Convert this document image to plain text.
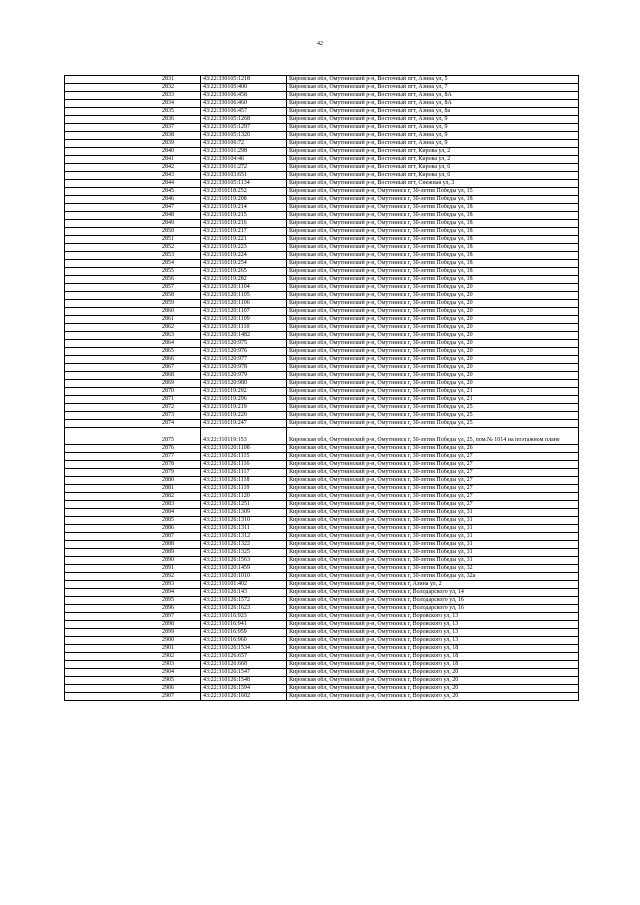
42
2831	43:22:330105:1218	Кировская обл, Омутнинский р-н, Восточный пгт, Азина ул, 5
2832	43:22:330105:400	Кировская обл, Омутнинский р-н, Восточный пгт, Азина ул, 7
2833	43:22:330106:458	Кировская обл, Омутнинский р-н, Восточный пгт, Азина ул, 8А
2834	43:22:330106:460	Кировская обл, Омутнинский р-н, Восточный пгт, Азина ул, 8А
2835	43:22:330106:457	Кировская обл, Омутнинский р-н, Восточный пгт, Азина ул, 8а
2836	43:22:330105:1268	Кировская обл, Омутнинский р-н, Восточный пгт, Азина ул, 9
2837	43:22:330105:1297	Кировская обл, Омутнинский р-н, Восточный пгт, Азина ул, 9
2838	43:22:330105:1320	Кировская обл, Омутнинский р-н, Восточный пгт, Азина ул, 9
2839	43:22:330106:72	Кировская обл, Омутнинский р-н, Восточный пгт, Азина ул, 9
2840	43:22:330101:298	Кировская обл, Омутнинский р-н, Восточный пгт, Кирова ул, 2
2841	43:22:330104:46	Кировская обл, Омутнинский р-н, Восточный пгт, Кирова ул, 2
2842	43:22:330101:272	Кировская обл, Омутнинский р-н, Восточный пгт, Кирова ул, 6
2843	43:22:330103:651	Кировская обл, Омутнинский р-н, Восточный пгт, Кирова ул, 6
2844	43:22:330105:1134	Кировская обл, Омутнинский р-н, Восточный пгт, Снежная ул, 3
2845	43:22:010118:252	Кировская обл, Омутнинский р-н, Омутнинск г, 30-летия Победы ул, 15
2846	43:22:310119:208	Кировская обл, Омутнинский р-н, Омутнинск г, 30-летия Победы ул, 18
2847	43:22:310119:214	Кировская обл, Омутнинский р-н, Омутнинск г, 30-летия Победы ул, 18
2848	43:22:310119:215	Кировская обл, Омутнинский р-н, Омутнинск г, 30-летия Победы ул, 18
2849	43:22:310119:216	Кировская обл, Омутнинский р-н, Омутнинск г, 30-летия Победы ул, 18
2850	43:22:310119:217	Кировская обл, Омутнинский р-н, Омутнинск г, 30-летия Победы ул, 18
2851	43:22:310119:221	Кировская обл, Омутнинский р-н, Омутнинск г, 30-летия Победы ул, 18
2852	43:22:310119:223	Кировская обл, Омутнинский р-н, Омутнинск г, 30-летия Победы ул, 18
2853	43:22:310119:224	Кировская обл, Омутнинский р-н, Омутнинск г, 30-летия Победы ул, 18
2854	43:22:310119:254	Кировская обл, Омутнинский р-н, Омутнинск г, 30-летия Победы ул, 18
2855	43:22:310119:265	Кировская обл, Омутнинский р-н, Омутнинск г, 30-летия Победы ул, 18
2856	43:22:310119:282	Кировская обл, Омутнинский р-н, Омутнинск г, 30-летия Победы ул, 18
2857	43:22:310120:1104	Кировская обл, Омутнинский р-н, Омутнинск г, 30-летия Победы ул, 20
2858	43:22:310120:1105	Кировская обл, Омутнинский р-н, Омутнинск г, 30-летия Победы ул, 20
2859	43:22:310120:1106	Кировская обл, Омутнинский р-н, Омутнинск г, 30-летия Победы ул, 20
2860	43:22:310120:1107	Кировская обл, Омутнинский р-н, Омутнинск г, 30-летия Победы ул, 20
2861	43:22:310120:1109	Кировская обл, Омутнинский р-н, Омутнинск г, 30-летия Победы ул, 20
2862	43:22:310120:1110	Кировская обл, Омутнинский р-н, Омутнинск г, 30-летия Победы ул, 20
2863	43:22:310120:1482	Кировская обл, Омутнинский р-н, Омутнинск г, 30-летия Победы ул, 20
2864	43:22:310120:975	Кировская обл, Омутнинский р-н, Омутнинск г, 30-летия Победы ул, 20
2865	43:22:310120:976	Кировская обл, Омутнинский р-н, Омутнинск г, 30-летия Победы ул, 20
2866	43:22:310120:977	Кировская обл, Омутнинский р-н, Омутнинск г, 30-летия Победы ул, 20
2867	43:22:310120:978	Кировская обл, Омутнинский р-н, Омутнинск г, 30-летия Победы ул, 20
2868	43:22:310120:979	Кировская обл, Омутнинский р-н, Омутнинск г, 30-летия Победы ул, 20
2869	43:22:310120:980	Кировская обл, Омутнинский р-н, Омутнинск г, 30-летия Победы ул, 20
2870	43:22:310119:292	Кировская обл, Омутнинский р-н, Омутнинск г, 30-летия Победы ул, 21
2871	43:22:310119:296	Кировская обл, Омутнинский р-н, Омутнинск г, 30-летия Победы ул, 21
2872	43:22:310119:219	Кировская обл, Омутнинский р-н, Омутнинск г, 30-летия Победы ул, 25
2873	43:22:310119:220	Кировская обл, Омутнинский р-н, Омутнинск г, 30-летия Победы ул, 25
2874	43:22:310119:247	Кировская обл, Омутнинский р-н, Омутнинск г, 30-летия Победы ул, 25
2875	43:22:310119:153	Кировская обл, Омутнинский р-н, Омутнинск г, 30-летия Победы ул, 25, пом.№ 1014 на поэтажном плане
2876	43:22:310120:1108	Кировская обл, Омутнинский р-н, Омутнинск г, 30-летия Победы ул, 26
2877	43:22:310126:1115	Кировская обл, Омутнинский р-н, Омутнинск г, 30-летия Победы ул, 27
2878	43:22:310126:1116	Кировская обл, Омутнинский р-н, Омутнинск г, 30-летия Победы ул, 27
2879	43:22:310126:1117	Кировская обл, Омутнинский р-н, Омутнинск г, 30-летия Победы ул, 27
2880	43:22:310126:1118	Кировская обл, Омутнинский р-н, Омутнинск г, 30-летия Победы ул, 27
2881	43:22:310126:1119	Кировская обл, Омутнинский р-н, Омутнинск г, 30-летия Победы ул, 27
2882	43:22:310126:1120	Кировская обл, Омутнинский р-н, Омутнинск г, 30-летия Победы ул, 27
2883	43:22:310126:1251	Кировская обл, Омутнинский р-н, Омутнинск г, 30-летия Победы ул, 27
2884	43:22:310126:1309	Кировская обл, Омутнинский р-н, Омутнинск г, 30-летия Победы ул, 31
2885	43:22:310126:1310	Кировская обл, Омутнинский р-н, Омутнинск г, 30-летия Победы ул, 31
2886	43:22:310126:1311	Кировская обл, Омутнинский р-н, Омутнинск г, 30-летия Победы ул, 31
2887	43:22:310126:1312	Кировская обл, Омутнинский р-н, Омутнинск г, 30-летия Победы ул, 31
2888	43:22:310126:1322	Кировская обл, Омутнинский р-н, Омутнинск г, 30-летия Победы ул, 31
2889	43:22:310126:1325	Кировская обл, Омутнинский р-н, Омутнинск г, 30-летия Победы ул, 31
2890	43:22:310126:1563	Кировская обл, Омутнинский р-н, Омутнинск г, 30-летия Победы ул, 31
2891	43:22:310120:1459	Кировская обл, Омутнинский р-н, Омутнинск г, 30-летия Победы ул, 32
2892	43:22:310120:1010	Кировская обл, Омутнинский р-н, Омутнинск г, 30-летия Победы ул, 32а
2893	43:22:310101:402	Кировская обл, Омутнинский р-н, Омутнинск г, Азина ул, 2
2894	43:22:310126:143	Кировская обл, Омутнинский р-н, Омутнинск г, Володарского ул, 14
2895	43:22:310126:1572	Кировская обл, Омутнинский р-н, Омутнинск г, Володарского ул, 16
2896	43:22:310126:1623	Кировская обл, Омутнинский р-н, Омутнинск г, Володарского ул, 16
2897	43:22:310116:923	Кировская обл, Омутнинский р-н, Омутнинск г, Воровского ул, 13
2898	43:22:310116:941	Кировская обл, Омутнинский р-н, Омутнинск г, Воровского ул, 13
2899	43:22:310116:959	Кировская обл, Омутнинский р-н, Омутнинск г, Воровского ул, 13
2900	43:22:310116:960	Кировская обл, Омутнинский р-н, Омутнинск г, Воровского ул, 13
2901	43:22:310126:1534	Кировская обл, Омутнинский р-н, Омутнинск г, Воровского ул, 18
2902	43:22:310126:657	Кировская обл, Омутнинский р-н, Омутнинск г, Воровского ул, 18
2903	43:22:310126:668	Кировская обл, Омутнинский р-н, Омутнинск г, Воровского ул, 18
2904	43:22:310126:1547	Кировская обл, Омутнинский р-н, Омутнинск г, Воровского ул, 20
2905	43:22:310126:1548	Кировская обл, Омутнинский р-н, Омутнинск г, Воровского ул, 20
2906	43:22:310126:1594	Кировская обл, Омутнинский р-н, Омутнинск г, Воровского ул, 20
2907	43:22:310126:1602	Кировская обл, Омутнинский р-н, Омутнинск г, Воровского ул, 20
